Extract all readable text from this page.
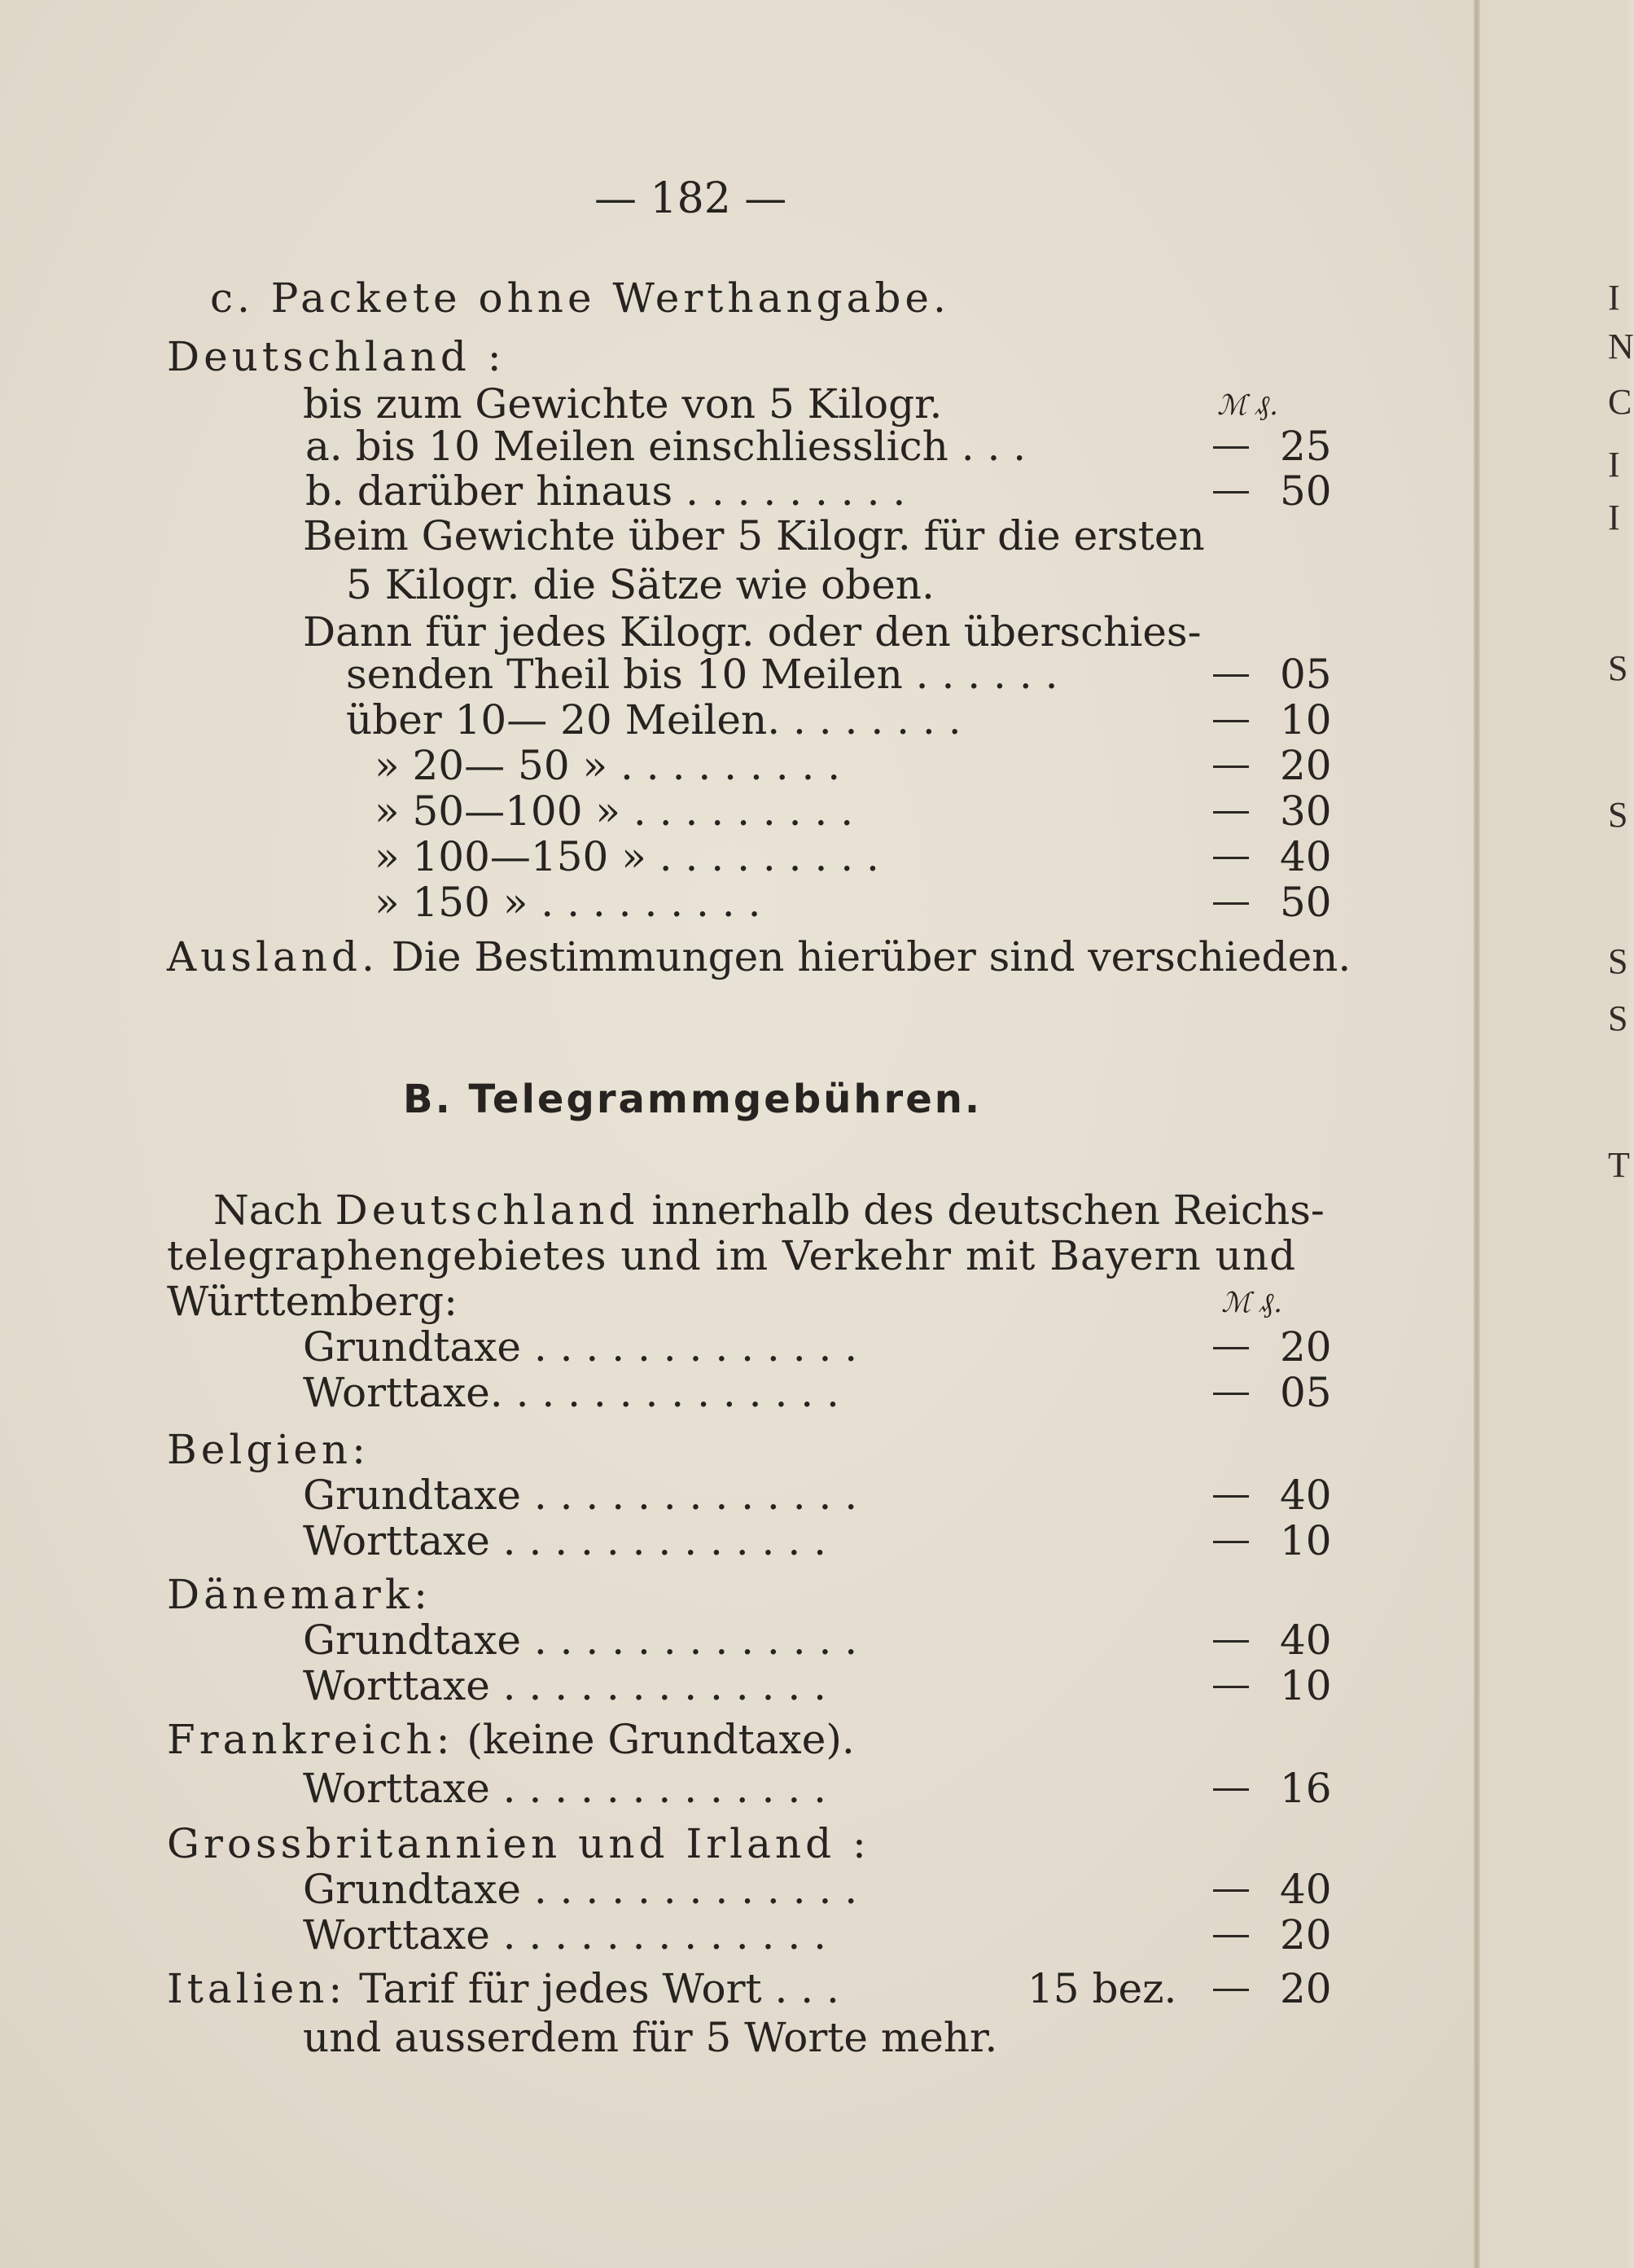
— 182 —
c. Packete ohne Werthangabe.
Deutschland :
bis zum Gewichte von 5 Kilogr.	ℳ ₰.
a. bis 10 Meilen einschliesslich . . .	25
b. darüber hinaus . . . . . . . . .	50
Beim Gewichte über 5 Kilogr. für die ersten
5 Kilogr. die Sätze wie oben.
Dann für jedes Kilogr. oder den überschies-
senden Theil bis 10 Meilen . . . . . .	05
über 10— 20 Meilen. . . . . . . .	10
» 20— 50 » . . . . . . . . .	20
» 50—100 » . . . . . . . . .	30
» 100—150 » . . . . . . . . .	40
» 150 » . . . . . . . . .	50
Ausland. Die Bestimmungen hierüber sind verschieden.
B. Telegrammgebühren.
Nach Deutschland innerhalb des deutschen Reichs-
telegraphengebietes und im Verkehr mit Bayern und
Württemberg:	ℳ ₰.
Grundtaxe . . . . . . . . . . . . .	20
Worttaxe. . . . . . . . . . . . . .	05
Belgien:
Grundtaxe . . . . . . . . . . . . .	40
Worttaxe . . . . . . . . . . . . .	10
Dänemark:
Grundtaxe . . . . . . . . . . . . .	40
Worttaxe . . . . . . . . . . . . .	10
Frankreich: (keine Grundtaxe).
Worttaxe . . . . . . . . . . . . .	16
Grossbritannien und Irland :
Grundtaxe . . . . . . . . . . . . .	40
Worttaxe . . . . . . . . . . . . .	20
Italien: Tarif für jedes Wort . . .	15 bez.	20
und ausserdem für 5 Worte mehr.
I
N
C
I
I
S
S
S
S
T
